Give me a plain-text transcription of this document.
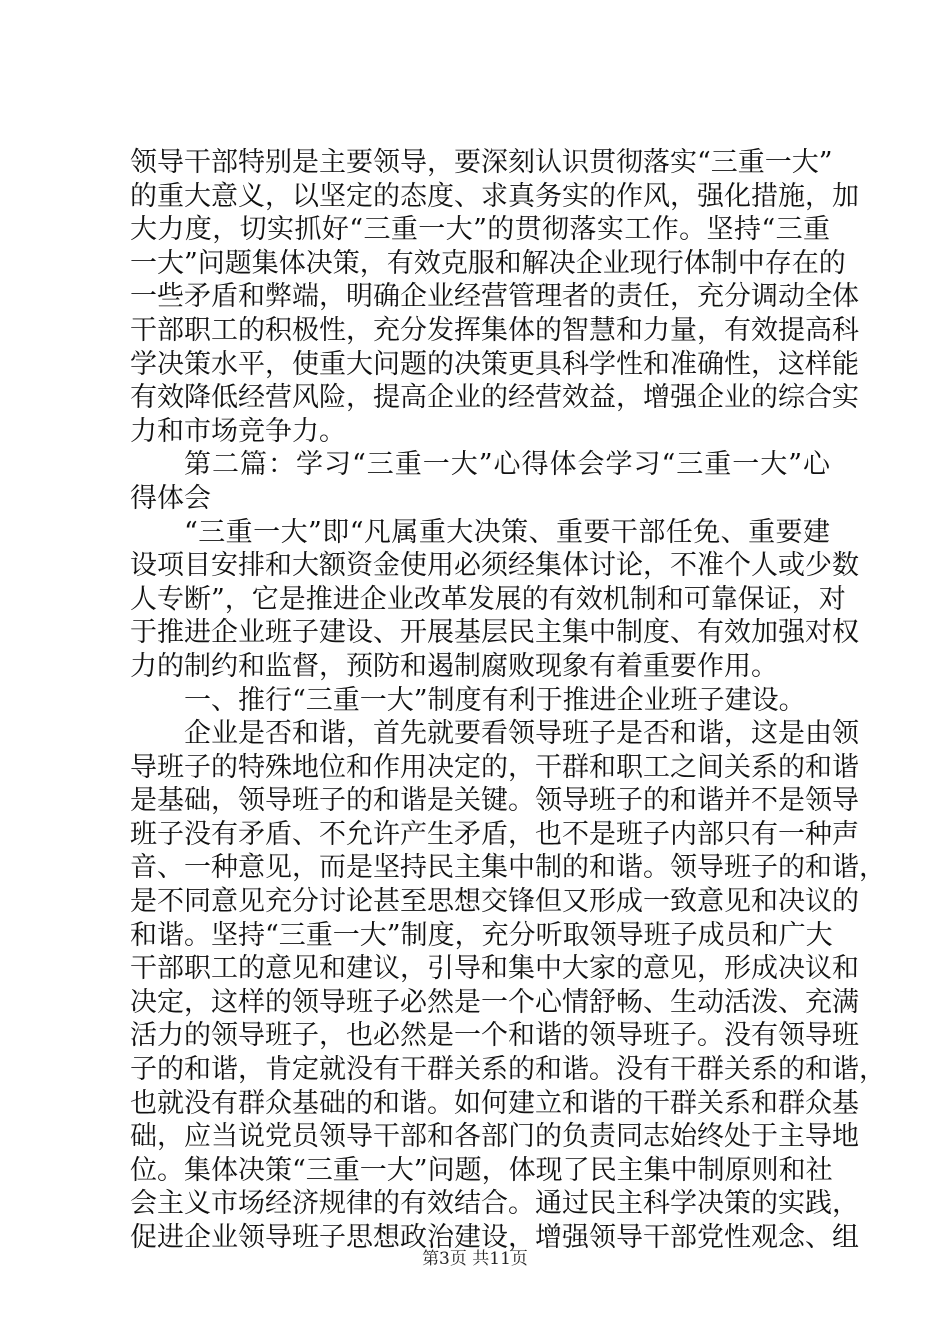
领导干部特别是主要领导，要深刻认识贯彻落实“三重一大”
的重大意义，以坚定的态度、求真务实的作风，强化措施，加
大力度，切实抓好“三重一大”的贯彻落实工作。坚持“三重
一大”问题集体决策，有效克服和解决企业现行体制中存在的
一些矛盾和弊端，明确企业经营管理者的责任，充分调动全体
干部职工的积极性，充分发挥集体的智慧和力量，有效提高科
学决策水平，使重大问题的决策更具科学性和准确性，这样能
有效降低经营风险，提高企业的经营效益，增强企业的综合实
力和市场竞争力。
第二篇：学习“三重一大”心得体会学习“三重一大”心
得体会
“三重一大”即“凡属重大决策、重要干部任免、重要建
设项目安排和大额资金使用必须经集体讨论，不准个人或少数
人专断”，它是推进企业改革发展的有效机制和可靠保证，对
于推进企业班子建设、开展基层民主集中制度、有效加强对权
力的制约和监督，预防和遏制腐败现象有着重要作用。
一、推行“三重一大”制度有利于推进企业班子建设。
企业是否和谐，首先就要看领导班子是否和谐，这是由领
导班子的特殊地位和作用决定的，干群和职工之间关系的和谐
是基础，领导班子的和谐是关键。领导班子的和谐并不是领导
班子没有矛盾、不允许产生矛盾，也不是班子内部只有一种声
音、一种意见，而是坚持民主集中制的和谐。领导班子的和谐，
是不同意见充分讨论甚至思想交锋但又形成一致意见和决议的
和谐。坚持“三重一大”制度，充分听取领导班子成员和广大
干部职工的意见和建议，引导和集中大家的意见，形成决议和
决定，这样的领导班子必然是一个心情舒畅、生动活泼、充满
活力的领导班子，也必然是一个和谐的领导班子。没有领导班
子的和谐，肯定就没有干群关系的和谐。没有干群关系的和谐，
也就没有群众基础的和谐。如何建立和谐的干群关系和群众基
础，应当说党员领导干部和各部门的负责同志始终处于主导地
位。集体决策“三重一大”问题，体现了民主集中制原则和社
会主义市场经济规律的有效结合。通过民主科学决策的实践，
促进企业领导班子思想政治建设，增强领导干部党性观念、组
第3页 共11页
